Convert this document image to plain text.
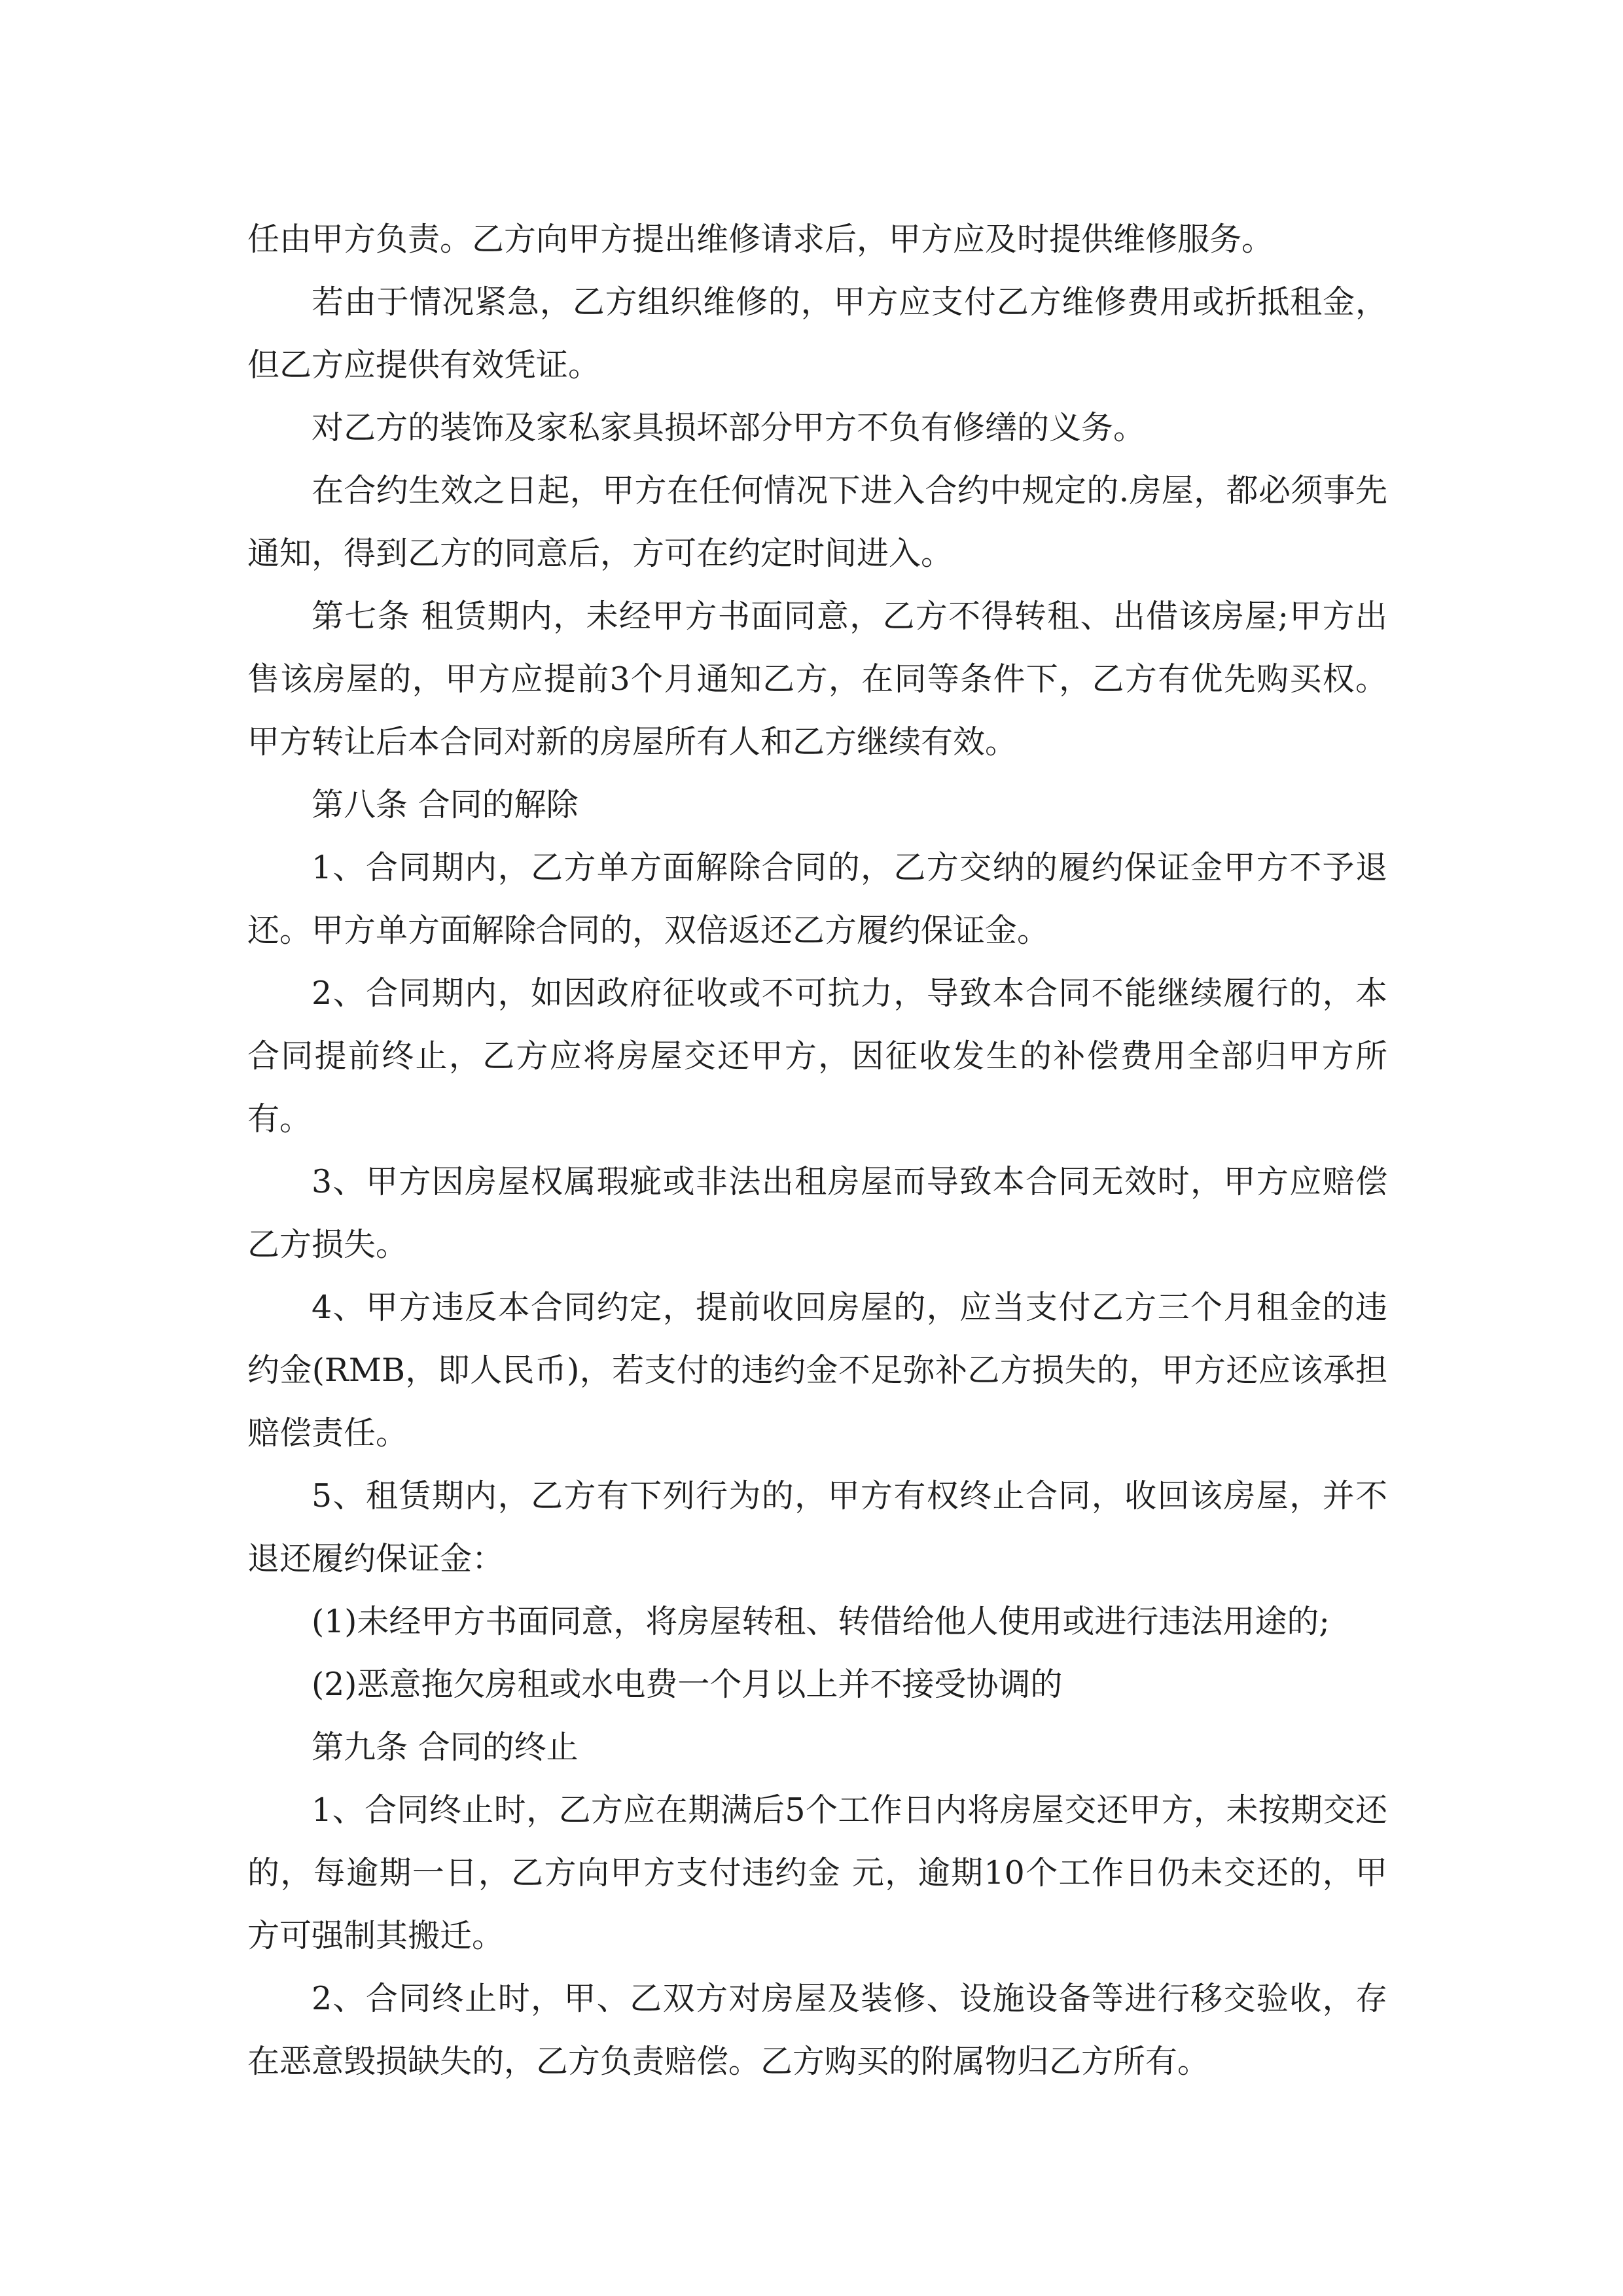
任由甲方负责。乙方向甲方提出维修请求后，甲方应及时提供维修服务。

若由于情况紧急，乙方组织维修的，甲方应支付乙方维修费用或折抵租金，但乙方应提供有效凭证。

对乙方的装饰及家私家具损坏部分甲方不负有修缮的义务。

在合约生效之日起，甲方在任何情况下进入合约中规定的.房屋，都必须事先通知，得到乙方的同意后，方可在约定时间进入。

第七条 租赁期内，未经甲方书面同意，乙方不得转租、出借该房屋;甲方出售该房屋的，甲方应提前3个月通知乙方，在同等条件下，乙方有优先购买权。甲方转让后本合同对新的房屋所有人和乙方继续有效。

第八条 合同的解除

1、合同期内，乙方单方面解除合同的，乙方交纳的履约保证金甲方不予退还。甲方单方面解除合同的，双倍返还乙方履约保证金。

2、合同期内，如因政府征收或不可抗力，导致本合同不能继续履行的，本合同提前终止，乙方应将房屋交还甲方，因征收发生的补偿费用全部归甲方所有。

3、甲方因房屋权属瑕疵或非法出租房屋而导致本合同无效时，甲方应赔偿乙方损失。

4、甲方违反本合同约定，提前收回房屋的，应当支付乙方三个月租金的违约金(RMB，即人民币)，若支付的违约金不足弥补乙方损失的，甲方还应该承担赔偿责任。

5、租赁期内，乙方有下列行为的，甲方有权终止合同，收回该房屋，并不退还履约保证金：

(1)未经甲方书面同意，将房屋转租、转借给他人使用或进行违法用途的;

(2)恶意拖欠房租或水电费一个月以上并不接受协调的

第九条 合同的终止

1、合同终止时，乙方应在期满后5个工作日内将房屋交还甲方，未按期交还的，每逾期一日，乙方向甲方支付违约金 元，逾期10个工作日仍未交还的，甲方可强制其搬迁。

2、合同终止时，甲、乙双方对房屋及装修、设施设备等进行移交验收，存在恶意毁损缺失的，乙方负责赔偿。乙方购买的附属物归乙方所有。
